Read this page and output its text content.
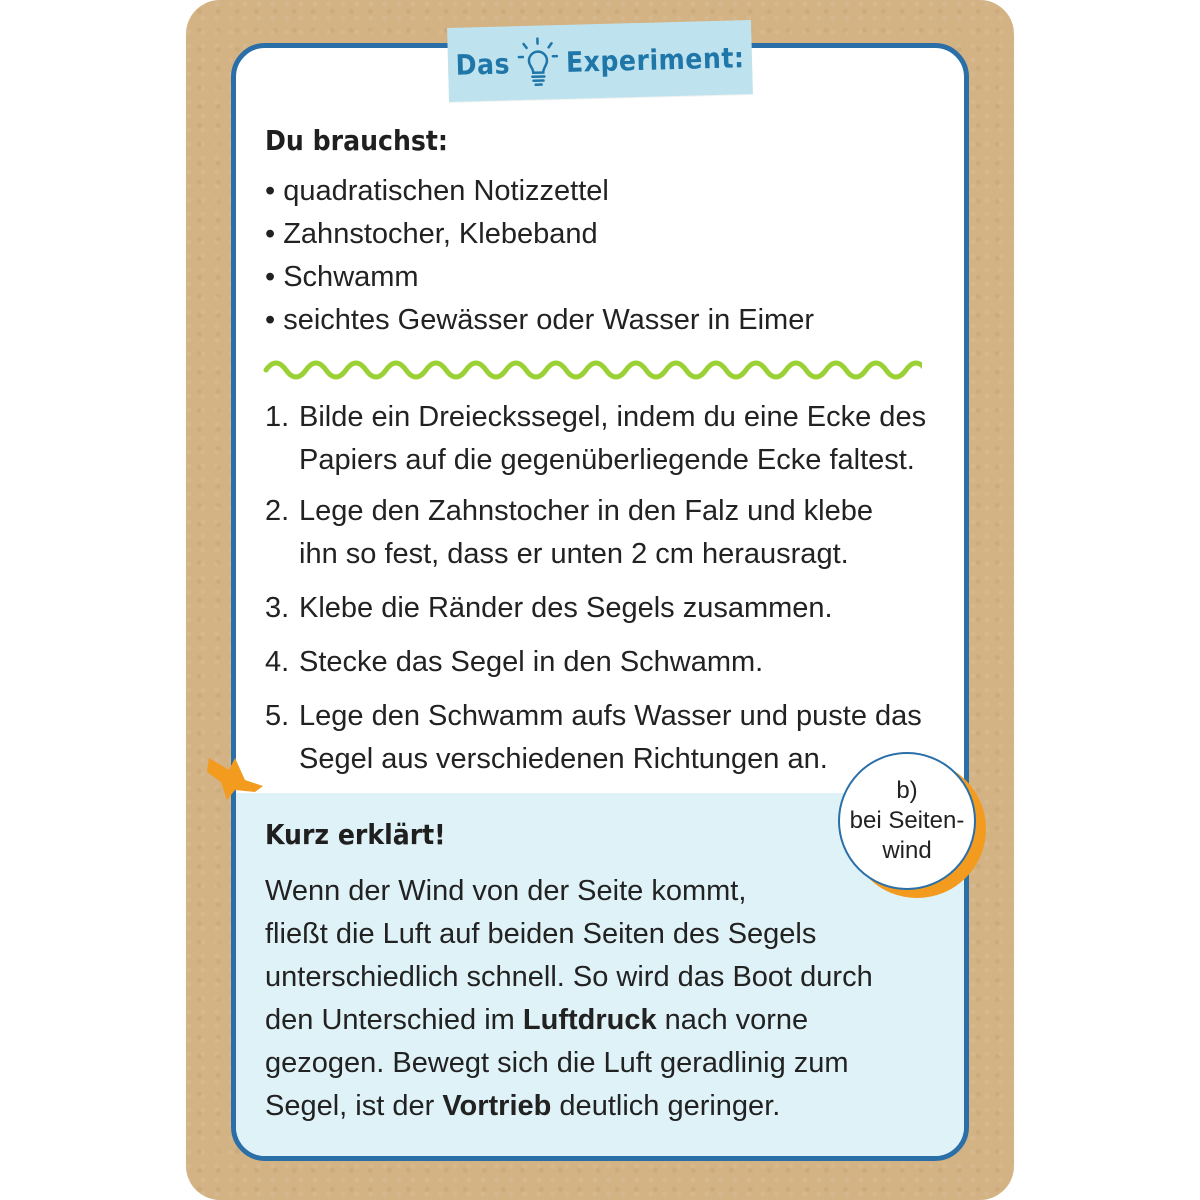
Das Experiment:
Du brauchst:
• quadratischen Notizzettel
• Zahnstocher, Klebeband
• Schwamm
• seichtes Gewässer oder Wasser in Eimer
1. Bilde ein Dreieckssegel, indem du eine Ecke des
Papiers auf die gegenüberliegende Ecke faltest.
2. Lege den Zahnstocher in den Falz und klebe
ihn so fest, dass er unten 2 cm herausragt.
3. Klebe die Ränder des Segels zusammen.
4. Stecke das Segel in den Schwamm.
5. Lege den Schwamm aufs Wasser und puste das
Segel aus verschiedenen Richtungen an.
b)
bei Seiten-
wind
Kurz erklärt!
Wenn der Wind von der Seite kommt,
fließt die Luft auf beiden Seiten des Segels
unterschiedlich schnell. So wird das Boot durch
den Unterschied im Luftdruck nach vorne
gezogen. Bewegt sich die Luft geradlinig zum
Segel, ist der Vortrieb deutlich geringer.
